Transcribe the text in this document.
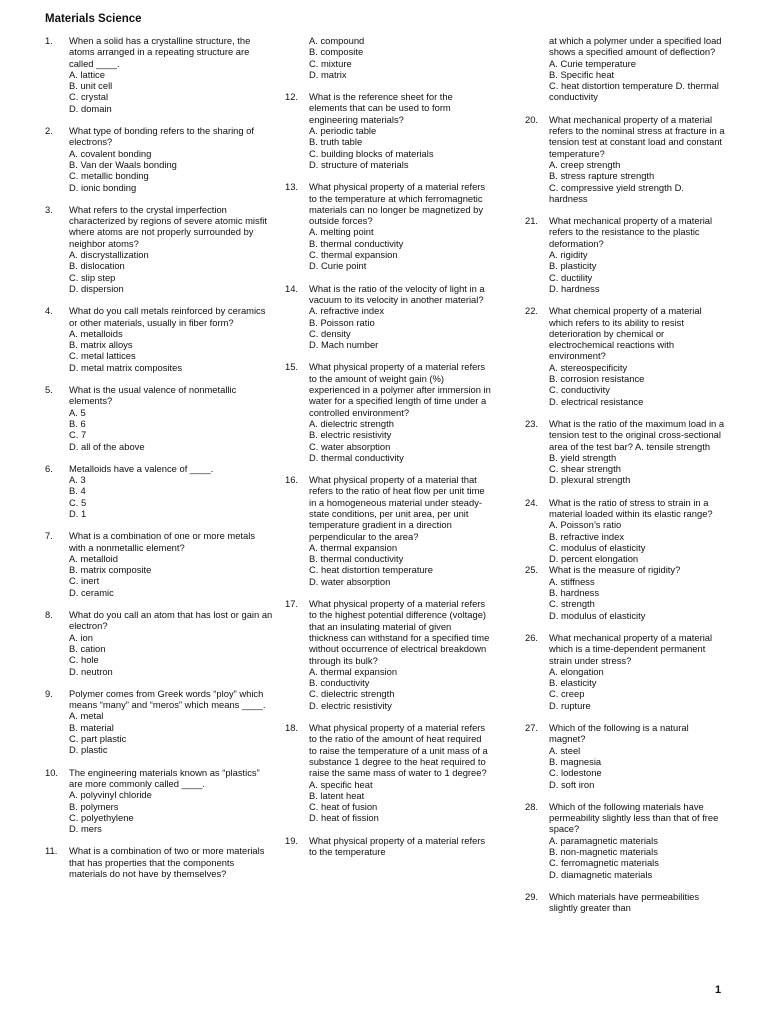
Materials Science
1. When a solid has a crystalline structure, the atoms arranged in a repeating structure are called ____.
A. lattice
B. unit cell
C. crystal
D. domain
2. What type of bonding refers to the sharing of electrons?
A. covalent bonding
B. Van der Waals bonding
C. metallic bonding
D. ionic bonding
3. What refers to the crystal imperfection characterized by regions of severe atomic misfit where atoms are not properly surrounded by neighbor atoms?
A. discrystallization
B. dislocation
C. slip step
D. dispersion
4. What do you call metals reinforced by ceramics or other materials, usually in fiber form?
A. metalloids
B. matrix alloys
C. metal lattices
D. metal matrix composites
5. What is the usual valence of nonmetallic elements?
A. 5
B. 6
C. 7
D. all of the above
6. Metalloids have a valence of ____.
A. 3
B. 4
C. 5
D. 1
7. What is a combination of one or more metals with a nonmetallic element?
A. metalloid
B. matrix composite
C. inert
D. ceramic
8. What do you call an atom that has lost or gain an electron?
A. ion
B. cation
C. hole
D. neutron
9. Polymer comes from Greek words “ploy” which means “many” and “meros” which means ____.
A. metal
B. material
C. part plastic
D. plastic
10. The engineering materials known as “plastics” are more commonly called ____.
A. polyvinyl chloride
B. polymers
C. polyethylene
D. mers
11. What is a combination of two or more materials that has properties that the components materials do not have by themselves?
A. compound
B. composite
C. mixture
D. matrix
12. What is the reference sheet for the elements that can be used to form engineering materials?
A. periodic table
B. truth table
C. building blocks of materials
D. structure of materials
13. What physical property of a material refers to the temperature at which ferromagnetic materials can no longer be magnetized by outside forces?
A. melting point
B. thermal conductivity
C. thermal expansion
D. Curie point
14. What is the ratio of the velocity of light in a vacuum to its velocity in another material?
A. refractive index
B. Poisson ratio
C. density
D. Mach number
15. What physical property of a material refers to the amount of weight gain (%) experienced in a polymer after immersion in water for a specified length of time under a controlled environment?
A. dielectric strength
B. electric resistivity
C. water absorption
D. thermal conductivity
16. What physical property of a material that refers to the ratio of heat flow per unit time in a homogeneous material under steady-state conditions, per unit area, per unit temperature gradient in a direction perpendicular to the area?
A. thermal expansion
B. thermal conductivity
C. heat distortion temperature
D. water absorption
17. What physical property of a material refers to the highest potential difference (voltage) that an insulating material of given thickness can withstand for a specified time without occurrence of electrical breakdown through its bulk?
A. thermal expansion
B. conductivity
C. dielectric strength
D. electric resistivity
18. What physical property of a material refers to the ratio of the amount of heat required to raise the temperature of a unit mass of a substance 1 degree to the heat required to raise the same mass of water to 1 degree?
A. specific heat
B. latent heat
C. heat of fusion
D. heat of fission
19. What physical property of a material refers to the temperature
at which a polymer under a specified load shows a specified amount of deflection?
A. Curie temperature
B. Specific heat
C. heat distortion temperature D. thermal conductivity
20. What mechanical property of a material refers to the nominal stress at fracture in a tension test at constant load and constant temperature?
A. creep strength
B. stress rapture strength
C. compressive yield strength D. hardness
21. What mechanical property of a material refers to the resistance to the plastic deformation?
A. rigidity
B. plasticity
C. ductility
D. hardness
22. What chemical property of a material which refers to its ability to resist deterioration by chemical or electrochemical reactions with environment?
A. stereospecificity
B. corrosion resistance
C. conductivity
D. electrical resistance
23. What is the ratio of the maximum load in a tension test to the original cross-sectional area of the test bar? A. tensile strength
B. yield strength
C. shear strength
D. plexural strength
24. What is the ratio of stress to strain in a material loaded within its elastic range?
A. Poisson’s ratio
B. refractive index
C. modulus of elasticity
D. percent elongation
25. What is the measure of rigidity?
A. stiffness
B. hardness
C. strength
D. modulus of elasticity
26. What mechanical property of a material which is a time-dependent permanent strain under stress?
A. elongation
B. elasticity
C. creep
D. rupture
27. Which of the following is a natural magnet?
A. steel
B. magnesia
C. lodestone
D. soft iron
28. Which of the following materials have permeability slightly less than that of free space?
A. paramagnetic materials
B. non-magnetic materials
C. ferromagnetic materials
D. diamagnetic materials
29. Which materials have permeabilities slightly greater than
1
